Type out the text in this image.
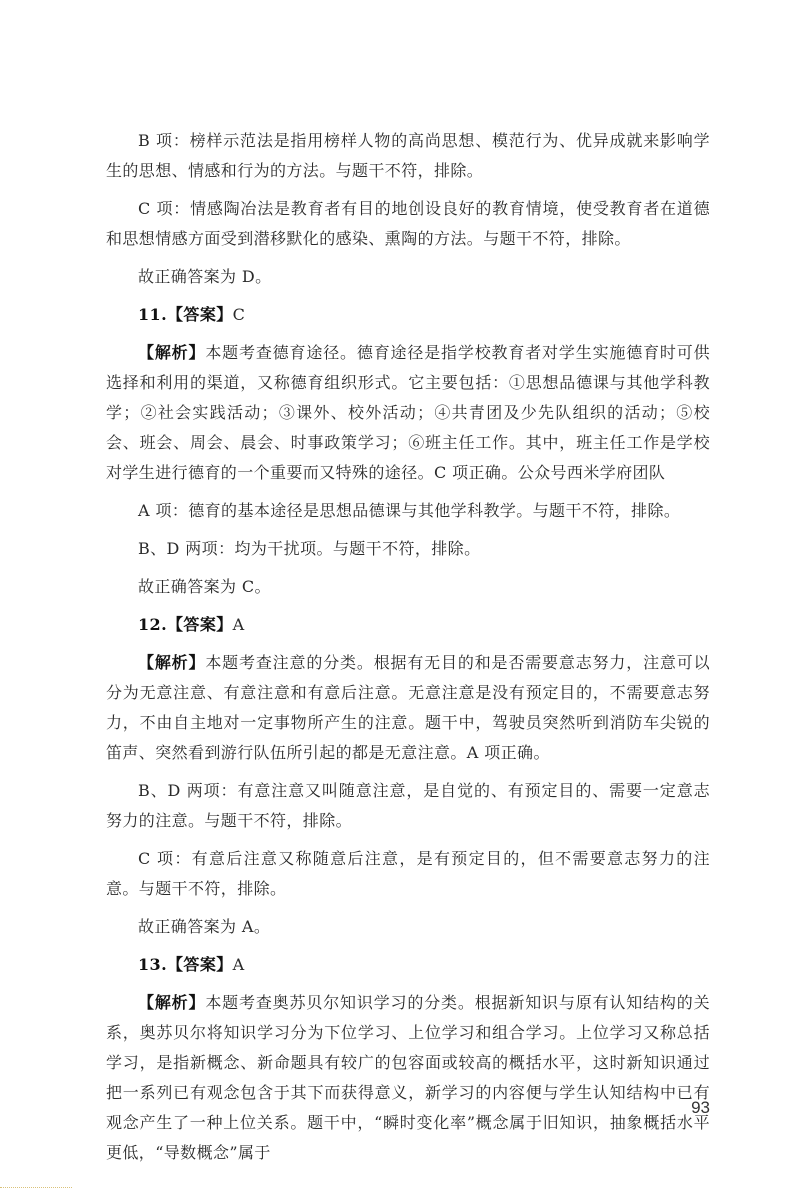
B 项：榜样示范法是指用榜样人物的高尚思想、模范行为、优异成就来影响学生的思想、情感和行为的方法。与题干不符，排除。

C 项：情感陶冶法是教育者有目的地创设良好的教育情境，使受教育者在道德和思想情感方面受到潜移默化的感染、熏陶的方法。与题干不符，排除。

故正确答案为 D。

11.【答案】C

【解析】本题考查德育途径。德育途径是指学校教育者对学生实施德育时可供选择和利用的渠道，又称德育组织形式。它主要包括：①思想品德课与其他学科教学；②社会实践活动；③课外、校外活动；④共青团及少先队组织的活动；⑤校会、班会、周会、晨会、时事政策学习；⑥班主任工作。其中，班主任工作是学校对学生进行德育的一个重要而又特殊的途径。C 项正确。公众号西米学府团队

A 项：德育的基本途径是思想品德课与其他学科教学。与题干不符，排除。

B、D 两项：均为干扰项。与题干不符，排除。

故正确答案为 C。

12.【答案】A

【解析】本题考查注意的分类。根据有无目的和是否需要意志努力，注意可以分为无意注意、有意注意和有意后注意。无意注意是没有预定目的，不需要意志努力，不由自主地对一定事物所产生的注意。题干中，驾驶员突然听到消防车尖锐的笛声、突然看到游行队伍所引起的都是无意注意。A 项正确。

B、D 两项：有意注意又叫随意注意，是自觉的、有预定目的、需要一定意志努力的注意。与题干不符，排除。

C 项：有意后注意又称随意后注意，是有预定目的，但不需要意志努力的注意。与题干不符，排除。

故正确答案为 A。

13.【答案】A

【解析】本题考查奥苏贝尔知识学习的分类。根据新知识与原有认知结构的关系，奥苏贝尔将知识学习分为下位学习、上位学习和组合学习。上位学习又称总括学习，是指新概念、新命题具有较广的包容面或较高的概括水平，这时新知识通过把一系列已有观念包含于其下而获得意义，新学习的内容便与学生认知结构中已有观念产生了一种上位关系。题干中，“瞬时变化率”概念属于旧知识，抽象概括水平更低，“导数概念”属于

93
